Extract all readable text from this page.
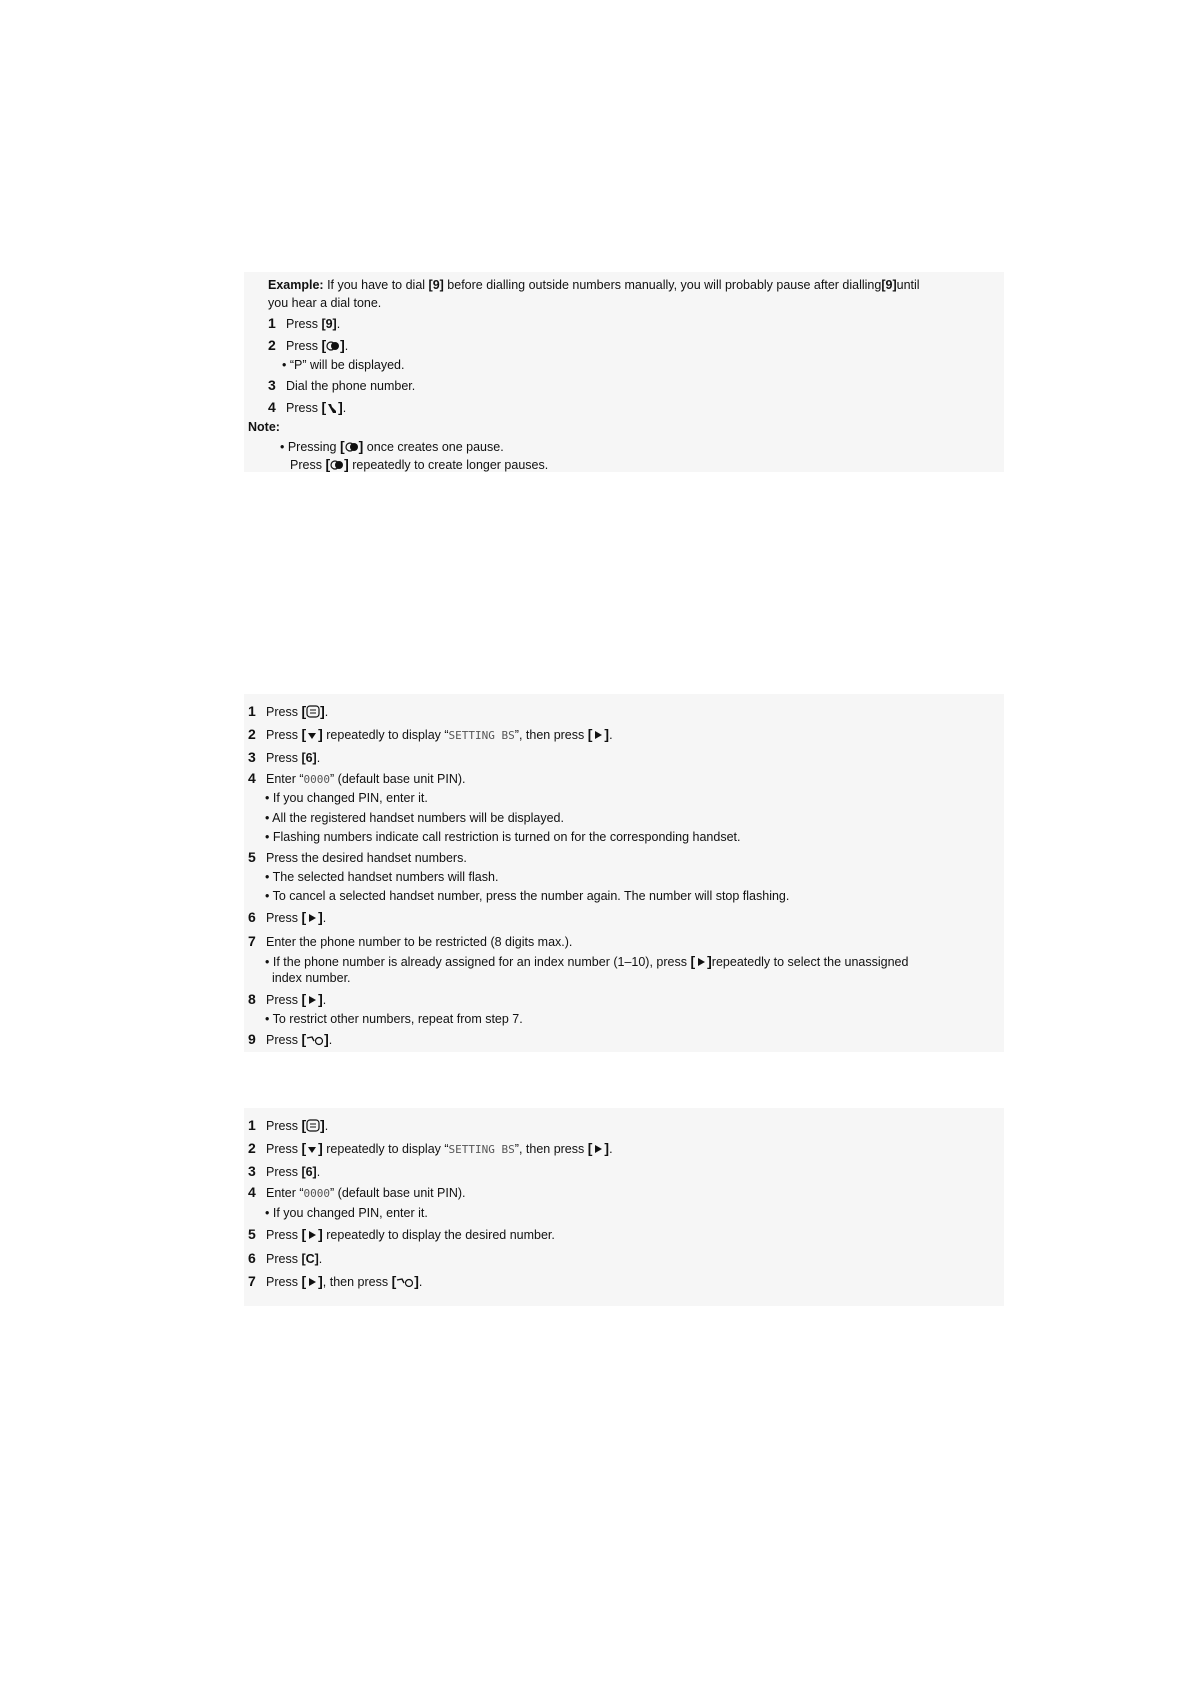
Example: If you have to dial [9] before dialling outside numbers manually, you will probably pause after dialling[9]until
you hear a dial tone.
1 Press [9].
2 Press [ ].
• “P” will be displayed.
3 Dial the phone number.
4 Press [ ].
Note:
• Pressing [ ] once creates one pause.
Press [ ] repeatedly to create longer pauses.
1 Press [ ].
2 Press [ ] repeatedly to display “SETTING BS”, then press [ ].
3 Press [6].
4 Enter “0000” (default base unit PIN).
• If you changed PIN, enter it.
• All the registered handset numbers will be displayed.
• Flashing numbers indicate call restriction is turned on for the corresponding handset.
5 Press the desired handset numbers.
• The selected handset numbers will flash.
• To cancel a selected handset number, press the number again. The number will stop flashing.
6 Press [ ].
7 Enter the phone number to be restricted (8 digits max.).
• If the phone number is already assigned for an index number (1–10), press [ ]repeatedly to select the unassigned
index number.
8 Press [ ].
• To restrict other numbers, repeat from step 7.
9 Press [ ].
1 Press [ ].
2 Press [ ] repeatedly to display “SETTING BS”, then press [ ].
3 Press [6].
4 Enter “0000” (default base unit PIN).
• If you changed PIN, enter it.
5 Press [ ] repeatedly to display the desired number.
6 Press [C].
7 Press [ ], then press [ ].
